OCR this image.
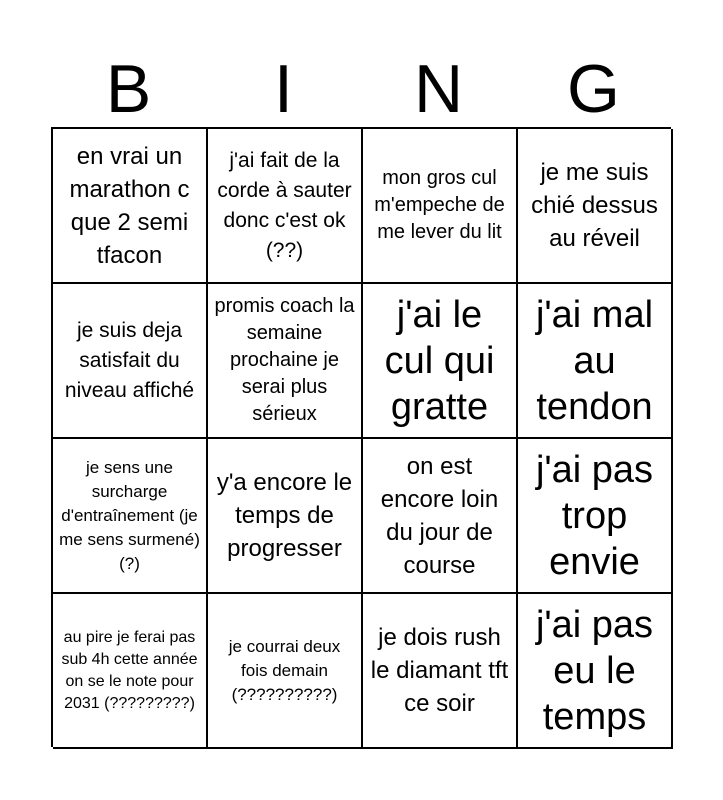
B	I	N	G
en vrai un marathon c que 2 semi tfacon
j'ai fait de la corde à sauter donc c'est ok (??)
mon gros cul m'empeche de me lever du lit
je me suis chié dessus au réveil
je suis deja satisfait du niveau affiché
promis coach la semaine prochaine je serai plus sérieux
j'ai le cul qui gratte
j'ai mal au tendon
je sens une surcharge d'entraînement (je me sens surmené) (?)
y'a encore le temps de progresser
on est encore loin du jour de course
j'ai pas trop envie
au pire je ferai pas sub 4h cette année on se le note pour 2031 (?????????)
je courrai deux fois demain (??????????)
je dois rush le diamant tft ce soir
j'ai pas eu le temps
